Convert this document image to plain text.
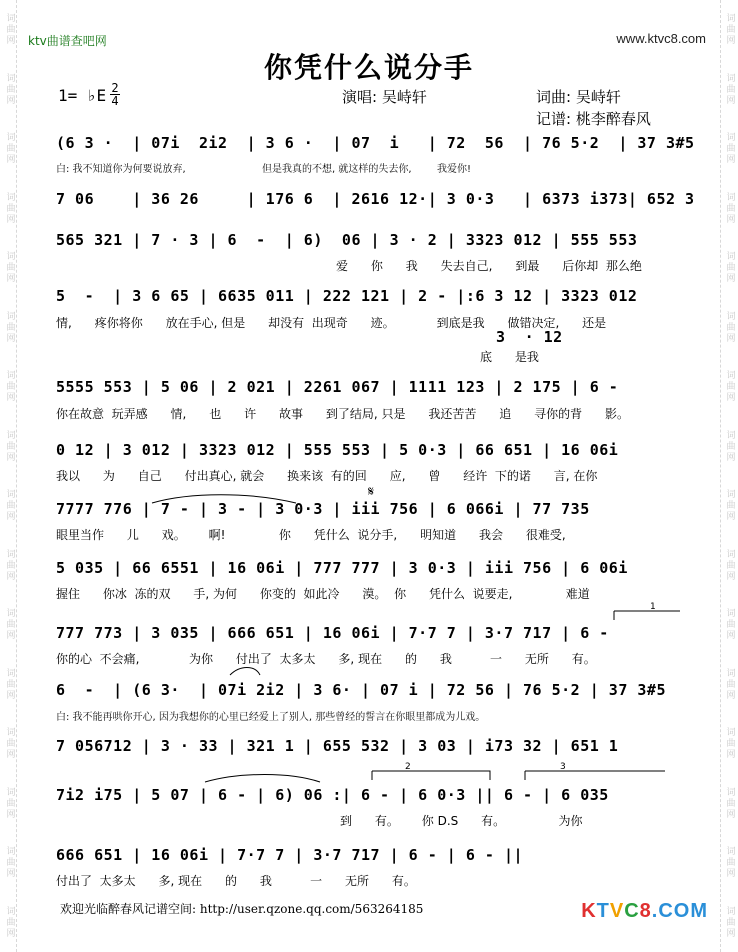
词曲网
词曲网
词曲网
词曲网
词曲网
词曲网
词曲网
词曲网
词曲网
词曲网
词曲网
词曲网
词曲网
词曲网
词曲网
词曲网
词曲网
词曲网
词曲网
词曲网
词曲网
词曲网
词曲网
词曲网
词曲网
词曲网
词曲网
词曲网
词曲网
词曲网
词曲网
词曲网
ktv曲谱查吧网	www.ktvc8.com
你凭什么说分手
1= ♭E 2
4	演唱: 吴峙轩	词曲: 吴峙轩
记谱: 桃李醉春风
(6 3 ·  | 07i  2i2  | 3 6 ·  | 07  i   | 72  56  | 76 5·2  | 37 3#5
白: 我不知道你为何要说放弃,                        但是我真的不想, 就这样的失去你,        我爱你!
7 06    | 36 26     | 176 6  | 2616 12·| 3 0·3   | 6373 i373| 652 3
565 321 | 7 · 3 | 6  -  | 6)  06 | 3 · 2 | 3323 012 | 555 553
爱      你      我      失去自己,      到最      后你却  那么绝
5  -  | 3 6 65 | 6635 011 | 222 121 | 2 - |:6 3 12 | 3323 012
情,      疼你将你      放在手心, 但是      却没有  出现奇      迹。           到底是我      做错决定,      还是
3  · 12
底      是我
5555 553 | 5 06 | 2 021 | 2261 067 | 1111 123 | 2 175 | 6 -
你在故意  玩弄感      情,      也      许      故事      到了结局, 只是      我还苦苦      追      寻你的背      影。
0 12 | 3 012 | 3323 012 | 555 553 | 5 0·3 | 66 651 | 16 06i
我以      为      自己      付出真心, 就会      换来该  有的回      应,      曾      经许  下的诺      言, 在你
7777 776 | 7 - | 3 - | 3 0·3 | iii 756 | 6 066i | 77 735
眼里当作      儿      戏。      啊!              你      凭什么  说分手,      明知道      我会      很难受,
5 035 | 66 6551 | 16 06i | 777 777 | 3 0·3 | iii 756 | 6 06i
握住      你冰  冻的双      手, 为何      你变的  如此冷      漠。  你      凭什么  说要走,              难道
777 773 | 3 035 | 666 651 | 16 06i | 7·7 7 | 3·7 717 | 6 -
你的心  不会痛,             为你      付出了  太多太      多, 现在      的      我          一      无所      有。
6  -  | (6 3·  | 07i 2i2 | 3 6· | 07 i | 72 56 | 76 5·2 | 37 3#5
白: 我不能再哄你开心, 因为我想你的心里已经爱上了别人, 那些曾经的誓言在你眼里都成为儿戏。
7 056712 | 3 · 33 | 321 1 | 655 532 | 3 03 | i73 32 | 651 1
7i2 i75 | 5 07 | 6 - | 6) 06 :| 6 - | 6 0·3 || 6 - | 6 035
到      有。      你 D.S      有。              为你
666 651 | 16 06i | 7·7 7 | 3·7 717 | 6 - | 6 - ||
付出了  太多太      多, 现在      的      我          一      无所      有。
1
2	3
𝄋
欢迎光临醉春风记谱空间: http://user.qzone.qq.com/563264185	KTVC8.COM
